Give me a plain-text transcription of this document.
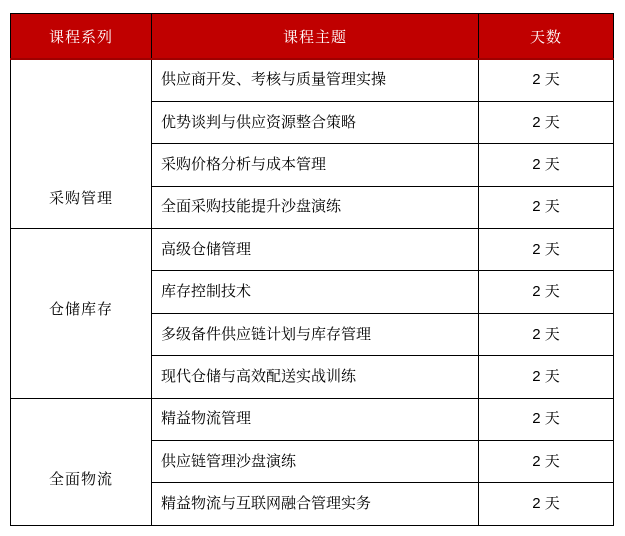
课程系列	课程主题	天数
采购管理	供应商开发、考核与质量管理实操	2 天
	优势谈判与供应资源整合策略	2 天
	采购价格分析与成本管理	2 天
	全面采购技能提升沙盘演练	2 天
仓储库存	高级仓储管理	2 天
	库存控制技术	2 天
	多级备件供应链计划与库存管理	2 天
	现代仓储与高效配送实战训练	2 天
全面物流	精益物流管理	2 天
	供应链管理沙盘演练	2 天
	精益物流与互联网融合管理实务	2 天
